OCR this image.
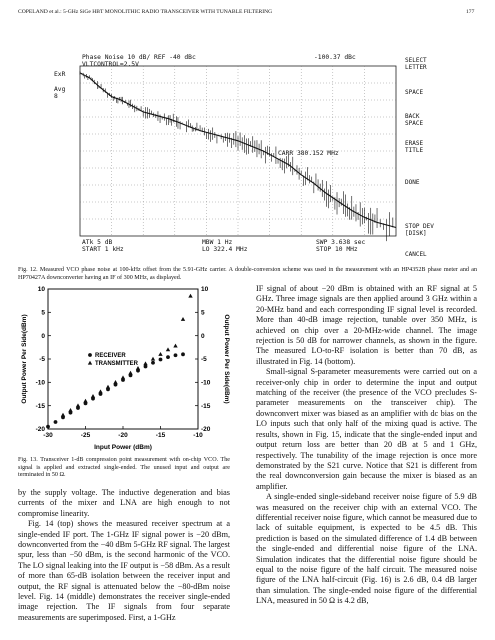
COPELAND et al.: 5-GHz SiGe HBT MONOLITHIC RADIO TRANSCEIVER WITH TUNABLE FILTERING	177
Phase Noise 10 dB/ REF -40 dBc	-100.37 dBc
VLTCONTROL=2.5V
ExR
Avg
8
CARR 380.152 MHz
ATk 5 dB
START 1 kHz
MBW 1 Hz
LO 322.4 MHz
SWP 3.638 sec
STOP 10 MHz
SELECT
LETTER
SPACE
BACK
SPACE
ERASE
TITLE
DONE
STOP DEV
[DISK]
CANCEL
Fig. 12. Measured VCO phase noise at 100-kHz offset from the 5.91-GHz carrier. A double-conversion scheme was used in the measurement with an HP4352B phase meter and an HP70427A downconverter having an IF of 300 MHz, as displayed.
-30	-25	-20	-15	-10
10
5
0
-5
-10
-15
-20
10
5
0
-5
-10
-15
-20
RECEIVER
TRANSMITTER
Input Power (dBm)
Output Power Per Side(dBm)	Output Power Per Side(dBm)
Fig. 13. Transceiver 1-dB compression point measurement with on-chip VCO. The signal is applied and extracted single-ended. The unused input and output are terminated in 50 Ω.

by the supply voltage. The inductive degeneration and bias currents of the mixer and LNA are high enough to not compromise linearity.

Fig. 14 (top) shows the measured receiver spectrum at a single-ended IF port. The 1-GHz IF signal power is −20 dBm, downconverted from the −40 dBm 5-GHz RF signal. The largest spur, less than −50 dBm, is the second harmonic of the VCO. The LO signal leaking into the IF output is −58 dBm. As a result of more than 65-dB isolation between the receiver input and output, the RF signal is attenuated below the −80-dBm noise level. Fig. 14 (middle) demonstrates the receiver single-ended image rejection. The IF signals from four separate measurements are superimposed. First, a 1-GHz

IF signal of about −20 dBm is obtained with an RF signal at 5 GHz. Three image signals are then applied around 3 GHz within a 20-MHz band and each corresponding IF signal level is recorded. More than 40-dB image rejection, tunable over 350 MHz, is achieved on chip over a 20-MHz-wide channel. The image rejection is 50 dB for narrower channels, as shown in the figure. The measured LO-to-RF isolation is better than 70 dB, as illustrated in Fig. 14 (bottom).

Small-signal S-parameter measurements were carried out on a receiver-only chip in order to determine the input and output matching of the receiver (the presence of the VCO precludes S-parameter measurements on the transceiver chip). The downconvert mixer was biased as an amplifier with dc bias on the LO inputs such that only half of the mixing quad is active. The results, shown in Fig. 15, indicate that the single-ended input and output return loss are better than 20 dB at 5 and 1 GHz, respectively. The tunability of the image rejection is once more demonstrated by the S21 curve. Notice that S21 is different from the real downconversion gain because the mixer is biased as an amplifier.

A single-ended single-sideband receiver noise figure of 5.9 dB was measured on the receiver chip with an external VCO. The differential receiver noise figure, which cannot be measured due to lack of suitable equipment, is expected to be 4.5 dB. This prediction is based on the simulated difference of 1.4 dB between the single-ended and differential noise figure of the LNA. Simulation indicates that the differential noise figure should be equal to the noise figure of the half circuit. The measured noise figure of the LNA half-circuit (Fig. 16) is 2.6 dB, 0.4 dB larger than simulation. The single-ended noise figure of the differential LNA, measured in 50 Ω is 4.2 dB,
